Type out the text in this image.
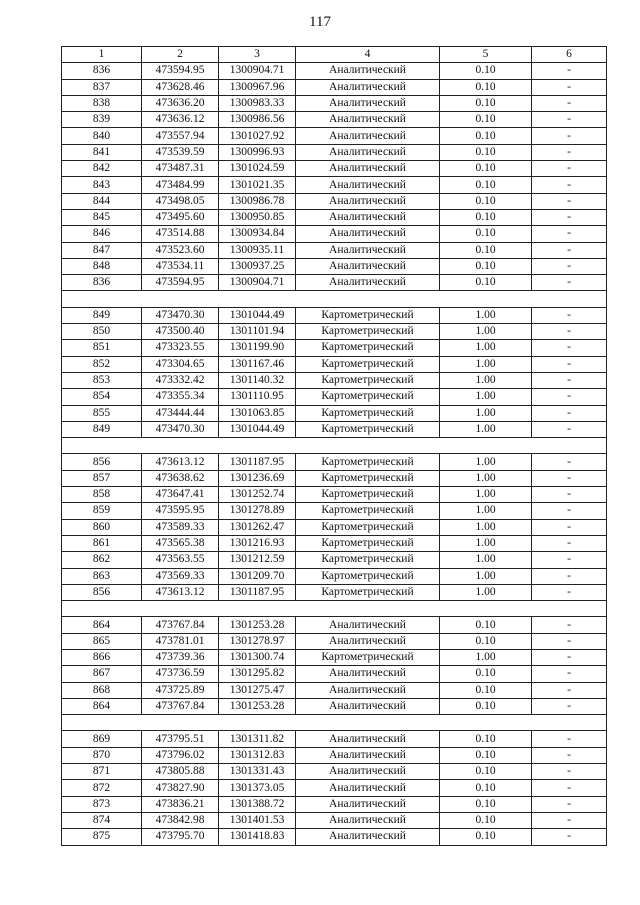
117
1	2	3	4	5	6
836	473594.95	1300904.71	Аналитический	0.10	-
837	473628.46	1300967.96	Аналитический	0.10	-
838	473636.20	1300983.33	Аналитический	0.10	-
839	473636.12	1300986.56	Аналитический	0.10	-
840	473557.94	1301027.92	Аналитический	0.10	-
841	473539.59	1300996.93	Аналитический	0.10	-
842	473487.31	1301024.59	Аналитический	0.10	-
843	473484.99	1301021.35	Аналитический	0.10	-
844	473498.05	1300986.78	Аналитический	0.10	-
845	473495.60	1300950.85	Аналитический	0.10	-
846	473514.88	1300934.84	Аналитический	0.10	-
847	473523.60	1300935.11	Аналитический	0.10	-
848	473534.11	1300937.25	Аналитический	0.10	-
836	473594.95	1300904.71	Аналитический	0.10	-

849	473470.30	1301044.49	Картометрический	1.00	-
850	473500.40	1301101.94	Картометрический	1.00	-
851	473323.55	1301199.90	Картометрический	1.00	-
852	473304.65	1301167.46	Картометрический	1.00	-
853	473332.42	1301140.32	Картометрический	1.00	-
854	473355.34	1301110.95	Картометрический	1.00	-
855	473444.44	1301063.85	Картометрический	1.00	-
849	473470.30	1301044.49	Картометрический	1.00	-

856	473613.12	1301187.95	Картометрический	1.00	-
857	473638.62	1301236.69	Картометрический	1.00	-
858	473647.41	1301252.74	Картометрический	1.00	-
859	473595.95	1301278.89	Картометрический	1.00	-
860	473589.33	1301262.47	Картометрический	1.00	-
861	473565.38	1301216.93	Картометрический	1.00	-
862	473563.55	1301212.59	Картометрический	1.00	-
863	473569.33	1301209.70	Картометрический	1.00	-
856	473613.12	1301187.95	Картометрический	1.00	-

864	473767.84	1301253.28	Аналитический	0.10	-
865	473781.01	1301278.97	Аналитический	0.10	-
866	473739.36	1301300.74	Картометрический	1.00	-
867	473736.59	1301295.82	Аналитический	0.10	-
868	473725.89	1301275.47	Аналитический	0.10	-
864	473767.84	1301253.28	Аналитический	0.10	-

869	473795.51	1301311.82	Аналитический	0.10	-
870	473796.02	1301312.83	Аналитический	0.10	-
871	473805.88	1301331.43	Аналитический	0.10	-
872	473827.90	1301373.05	Аналитический	0.10	-
873	473836.21	1301388.72	Аналитический	0.10	-
874	473842.98	1301401.53	Аналитический	0.10	-
875	473795.70	1301418.83	Аналитический	0.10	-
